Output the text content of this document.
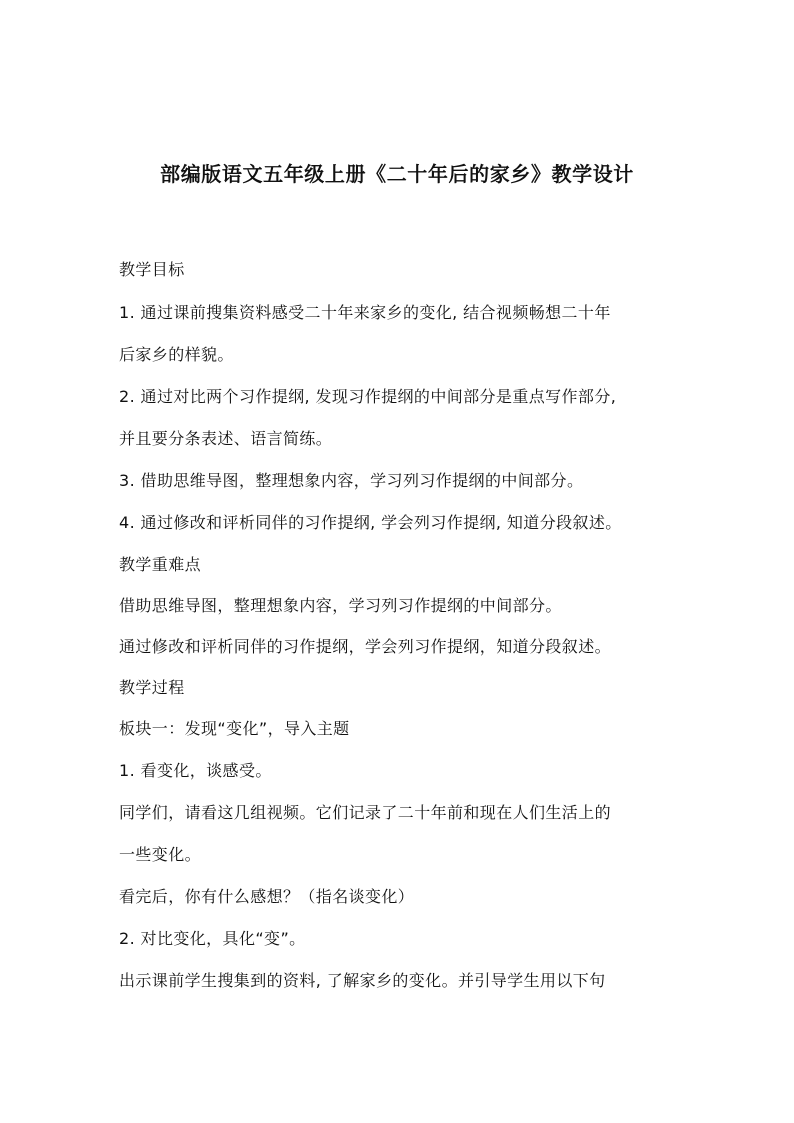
部编版语文五年级上册《二十年后的家乡》教学设计
教学目标
1. 通过课前搜集资料感受二十年来家乡的变化, 结合视频畅想二十年
后家乡的样貌。
2. 通过对比两个习作提纲, 发现习作提纲的中间部分是重点写作部分,
并且要分条表述、语言简练。
3. 借助思维导图，整理想象内容，学习列习作提纲的中间部分。
4. 通过修改和评析同伴的习作提纲, 学会列习作提纲, 知道分段叙述。
教学重难点
借助思维导图，整理想象内容，学习列习作提纲的中间部分。
通过修改和评析同伴的习作提纲，学会列习作提纲，知道分段叙述。
教学过程
板块一：发现“变化”，导入主题
1. 看变化，谈感受。
同学们，请看这几组视频。它们记录了二十年前和现在人们生活上的
一些变化。
看完后，你有什么感想？（指名谈变化）
2. 对比变化，具化“变”。
出示课前学生搜集到的资料, 了解家乡的变化。并引导学生用以下句
